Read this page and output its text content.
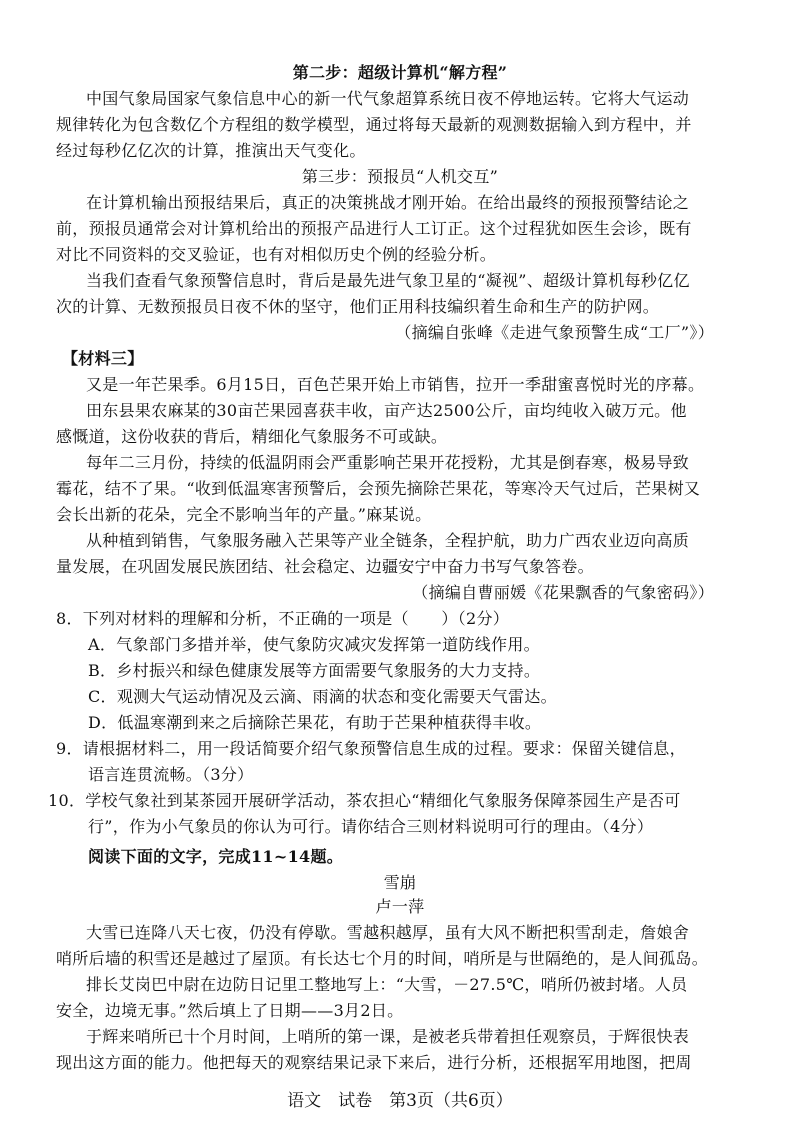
第二步：超级计算机“解方程”
中国气象局国家气象信息中心的新一代气象超算系统日夜不停地运转。它将大气运动
规律转化为包含数亿个方程组的数学模型，通过将每天最新的观测数据输入到方程中，并
经过每秒亿亿次的计算，推演出天气变化。
第三步：预报员“人机交互”
在计算机输出预报结果后，真正的决策挑战才刚开始。在给出最终的预报预警结论之
前，预报员通常会对计算机给出的预报产品进行人工订正。这个过程犹如医生会诊，既有
对比不同资料的交叉验证，也有对相似历史个例的经验分析。
当我们查看气象预警信息时，背后是最先进气象卫星的“凝视”、超级计算机每秒亿亿
次的计算、无数预报员日夜不休的坚守，他们正用科技编织着生命和生产的防护网。
（摘编自张峰《走进气象预警生成“工厂”》）
【材料三】
又是一年芒果季。6月15日，百色芒果开始上市销售，拉开一季甜蜜喜悦时光的序幕。
田东县果农麻某的30亩芒果园喜获丰收，亩产达2500公斤，亩均纯收入破万元。他
感慨道，这份收获的背后，精细化气象服务不可或缺。
每年二三月份，持续的低温阴雨会严重影响芒果开花授粉，尤其是倒春寒，极易导致
霉花，结不了果。“收到低温寒害预警后，会预先摘除芒果花，等寒冷天气过后，芒果树又
会长出新的花朵，完全不影响当年的产量。”麻某说。
从种植到销售，气象服务融入芒果等产业全链条，全程护航，助力广西农业迈向高质
量发展，在巩固发展民族团结、社会稳定、边疆安宁中奋力书写气象答卷。
（摘编自曹丽媛《花果飘香的气象密码》）
8．下列对材料的理解和分析，不正确的一项是（　　）（2分）
A．气象部门多措并举，使气象防灾减灾发挥第一道防线作用。
B．乡村振兴和绿色健康发展等方面需要气象服务的大力支持。
C．观测大气运动情况及云滴、雨滴的状态和变化需要天气雷达。
D．低温寒潮到来之后摘除芒果花，有助于芒果种植获得丰收。
9．请根据材料二，用一段话简要介绍气象预警信息生成的过程。要求：保留关键信息，
语言连贯流畅。（3分）
10．学校气象社到某茶园开展研学活动，茶农担心“精细化气象服务保障茶园生产是否可
行”，作为小气象员的你认为可行。请你结合三则材料说明可行的理由。（4分）
阅读下面的文字，完成11~14题。
雪崩
卢一萍
大雪已连降八天七夜，仍没有停歇。雪越积越厚，虽有大风不断把积雪刮走，詹娘舍
哨所后墙的积雪还是越过了屋顶。有长达七个月的时间，哨所是与世隔绝的，是人间孤岛。
排长艾岗巴中尉在边防日记里工整地写上：“大雪，－27.5℃，哨所仍被封堵。人员
安全，边境无事。”然后填上了日期——3月2日。
于辉来哨所已十个月时间，上哨所的第一课，是被老兵带着担任观察员，于辉很快表
现出这方面的能力。他把每天的观察结果记录下来后，进行分析，还根据军用地图，把周
语文　试卷　第3页（共6页）
